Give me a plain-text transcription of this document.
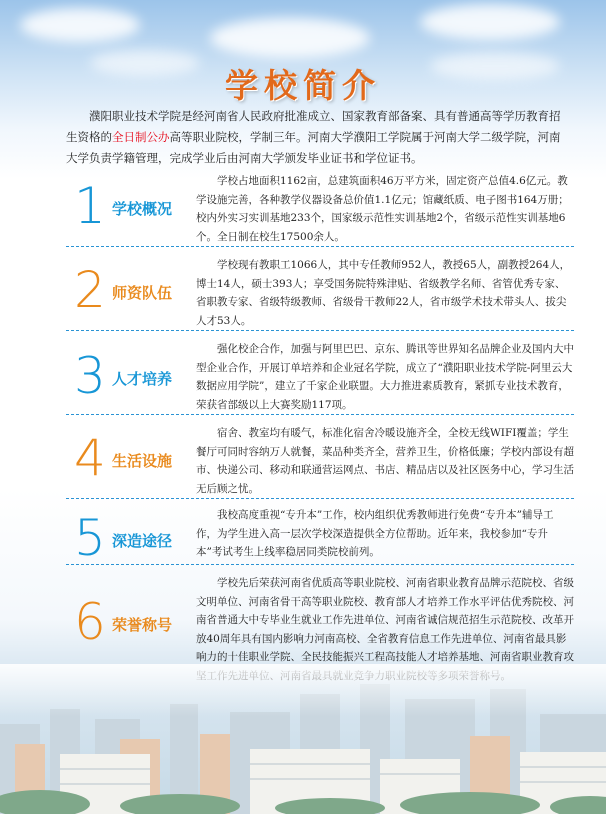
学校简介
濮阳职业技术学院是经河南省人民政府批准成立、国家教育部备案、具有普通高等学历教育招生资格的全日制公办高等职业院校，学制三年。河南大学濮阳工学院属于河南大学二级学院，河南大学负责学籍管理，完成学业后由河南大学颁发毕业证书和学位证书。
1 学校概况
学校占地面积1162亩，总建筑面积46万平方米，固定资产总值4.6亿元。教学设施完善，各种教学仪器设备总价值1.1亿元；馆藏纸质、电子图书164万册；校内外实习实训基地233个，国家级示范性实训基地2个，省级示范性实训基地6个。全日制在校生17500余人。
2 师资队伍
学校现有教职工1066人，其中专任教师952人，教授65人，副教授264人，博士14人，硕士393人；享受国务院特殊津贴、省级教学名师、省管优秀专家、省职教专家、省级特级教师、省级骨干教师22人，省市级学术技术带头人、拔尖人才53人。
3 人才培养
强化校企合作，加强与阿里巴巴、京东、腾讯等世界知名品牌企业及国内大中型企业合作，开展订单培养和企业冠名学院，成立了“濮阳职业技术学院-阿里云大数据应用学院”，建立了千家企业联盟。大力推进素质教育，紧抓专业技术教育，荣获省部级以上大赛奖励117项。
4 生活设施
宿舍、教室均有暖气，标准化宿舍冷暖设施齐全，全校无线WIFI覆盖；学生餐厅可同时容纳万人就餐，菜品种类齐全，营养卫生，价格低廉；学校内部设有超市、快递公司、移动和联通营运网点、书店、精品店以及社区医务中心，学习生活无后顾之忧。
5 深造途径
我校高度重视“专升本”工作，校内组织优秀教师进行免费“专升本”辅导工作，为学生进入高一层次学校深造提供全方位帮助。近年来，我校参加“专升本”考试考生上线率稳居同类院校前列。
6 荣誉称号
学校先后荣获河南省优质高等职业院校、河南省职业教育品牌示范院校、省级文明单位、河南省骨干高等职业院校、教育部人才培养工作水平评估优秀院校、河南省普通大中专毕业生就业工作先进单位、河南省诚信规范招生示范院校、改革开放40周年具有国内影响力河南高校、全省教育信息工作先进单位、河南省最具影响力的十佳职业学院、全民技能振兴工程高技能人才培养基地、河南省职业教育攻
